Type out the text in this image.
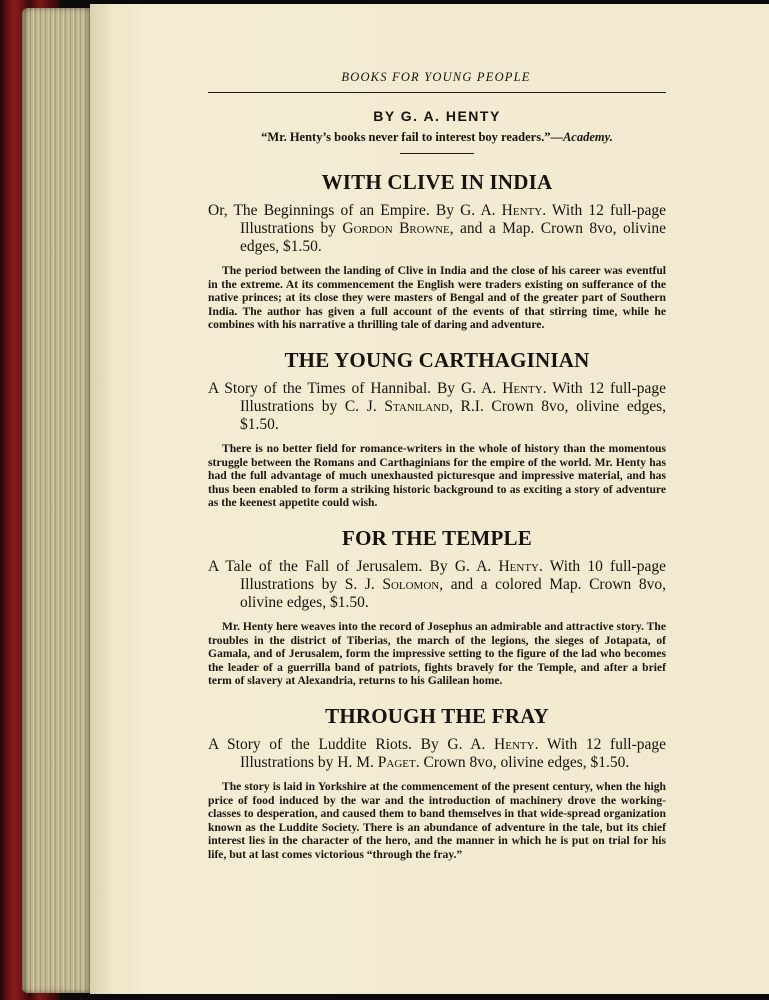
BOOKS FOR YOUNG PEOPLE

BY G. A. HENTY

“Mr. Henty’s books never fail to interest boy readers.”—Academy.

WITH CLIVE IN INDIA

Or, The Beginnings of an Empire. By G. A. Henty. With 12 full-page Illustrations by Gordon Browne, and a Map. Crown 8vo, olivine edges, $1.50.

The period between the landing of Clive in India and the close of his career was eventful in the extreme. At its commencement the English were traders existing on sufferance of the native princes; at its close they were masters of Bengal and of the greater part of Southern India. The author has given a full account of the events of that stirring time, while he combines with his narrative a thrilling tale of daring and adventure.

THE YOUNG CARTHAGINIAN

A Story of the Times of Hannibal. By G. A. Henty. With 12 full-page Illustrations by C. J. Staniland, R.I. Crown 8vo, olivine edges, $1.50.

There is no better field for romance-writers in the whole of history than the momentous struggle between the Romans and Carthaginians for the empire of the world. Mr. Henty has had the full advantage of much unexhausted picturesque and impressive material, and has thus been enabled to form a striking historic background to as exciting a story of adventure as the keenest appetite could wish.

FOR THE TEMPLE

A Tale of the Fall of Jerusalem. By G. A. Henty. With 10 full-page Illustrations by S. J. Solomon, and a colored Map. Crown 8vo, olivine edges, $1.50.

Mr. Henty here weaves into the record of Josephus an admirable and attractive story. The troubles in the district of Tiberias, the march of the legions, the sieges of Jotapata, of Gamala, and of Jerusalem, form the impressive setting to the figure of the lad who becomes the leader of a guerrilla band of patriots, fights bravely for the Temple, and after a brief term of slavery at Alexandria, returns to his Galilean home.

THROUGH THE FRAY

A Story of the Luddite Riots. By G. A. Henty. With 12 full-page Illustrations by H. M. Paget. Crown 8vo, olivine edges, $1.50.

The story is laid in Yorkshire at the commencement of the present century, when the high price of food induced by the war and the introduction of machinery drove the working-classes to desperation, and caused them to band themselves in that wide-spread organization known as the Luddite Society. There is an abundance of adventure in the tale, but its chief interest lies in the character of the hero, and the manner in which he is put on trial for his life, but at last comes victorious “through the fray.”
